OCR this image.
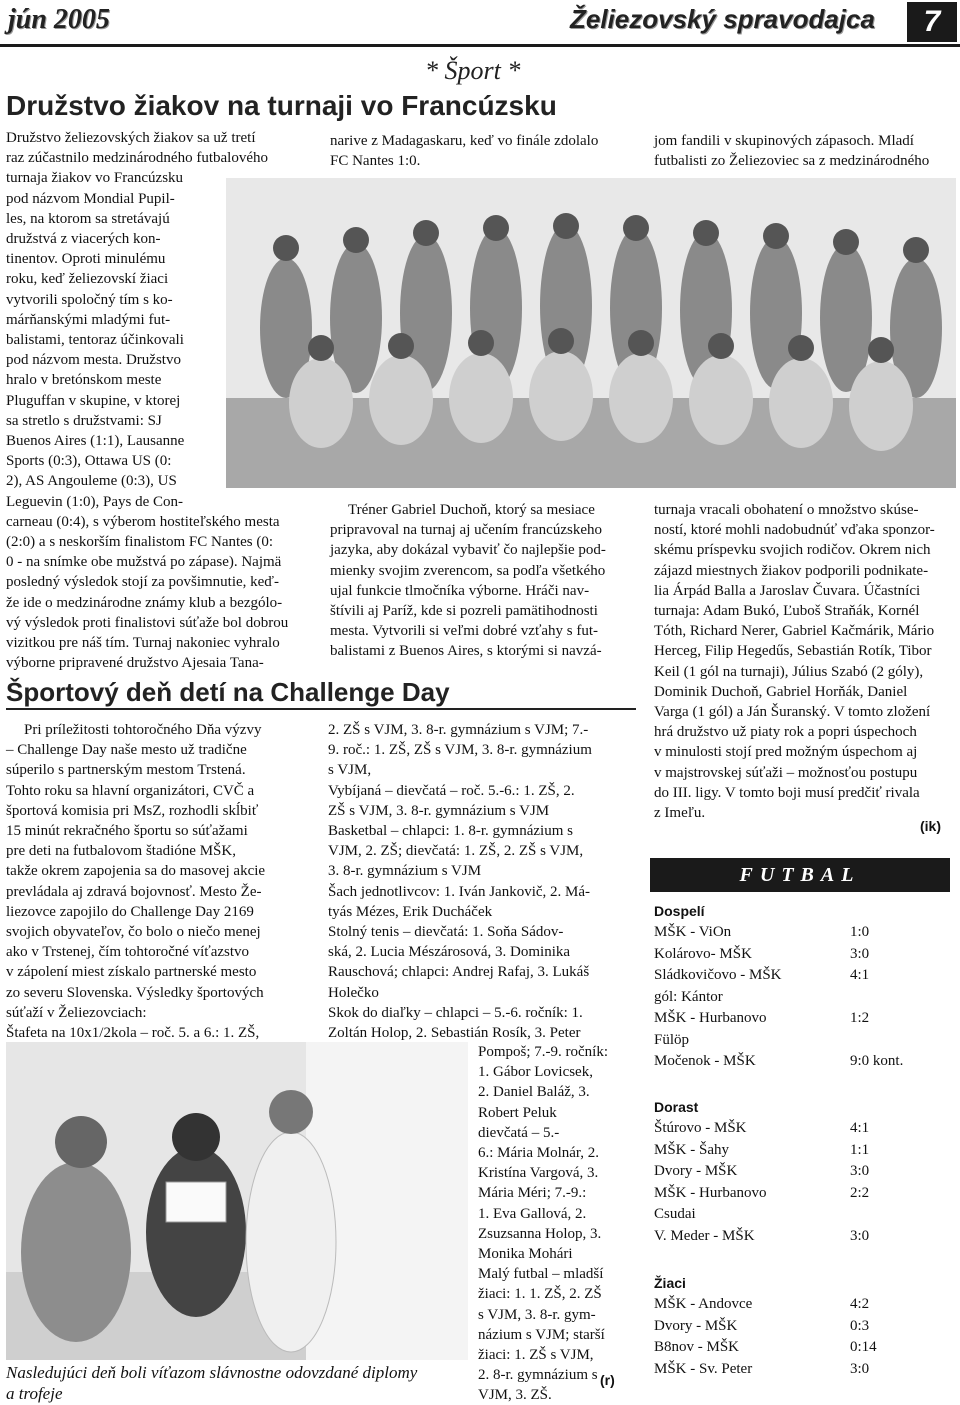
jún 2005	Želiezovský spravodajca	7
* Šport *
Družstvo žiakov na turnaji vo Francúzsku
Družstvo želiezovských žiakov sa už tretí
raz zúčastnilo medzinárodného futbalového
turnaja žiakov vo Francúzsku
pod názvom Mondial Pupil-
les, na ktorom sa stretávajú
družstvá z viacerých kon-
tinentov. Oproti minulému
roku, keď želiezovskí žiaci
vytvorili spoločný tím s ko-
márňanskými mladými fut-
balistami, tentoraz účinkovali
pod názvom mesta. Družstvo
hralo v bretónskom meste
Pluguffan v skupine, v ktorej
sa stretlo s družstvami: SJ
Buenos Aires (1:1), Lausanne
Sports (0:3), Ottawa US (0:
2), AS Angouleme (0:3), US
Leguevin (1:0), Pays de Con-
carneau (0:4), s výberom hostiteľského mesta
(2:0) a s neskorším finalistom FC Nantes (0:
0 - na snímke obe mužstvá po zápase). Najmä
posledný výsledok stojí za povšimnutie, keď-
že ide o medzinárodne známy klub a bezgólo-
vý výsledok proti finalistovi súťaže bol dobrou
vizitkou pre náš tím. Turnaj nakoniec vyhralo
výborne pripravené družstvo Ajesaia Tana-
narive z Madagaskaru, keď vo finále zdolalo
FC Nantes 1:0.
jom fandili v skupinových zápasoch. Mladí
futbalisti zo Želiezoviec sa z medzinárodného
Tréner Gabriel Duchoň, ktorý sa mesiace
pripravoval na turnaj aj učením francúzskeho
jazyka, aby dokázal vybaviť čo najlepšie pod-
mienky svojim zverencom, sa podľa všetkého
ujal funkcie tlmočníka výborne. Hráči nav-
štívili aj Paríž, kde si pozreli pamätihodnosti
mesta. Vytvorili si veľmi dobré vzťahy s fut-
balistami z Buenos Aires, s ktorými si navzá-
turnaja vracali obohatení o množstvo skúse-
ností, ktoré mohli nadobudnúť vďaka sponzor-
skému príspevku svojich rodičov. Okrem nich
zájazd miestnych žiakov podporili podnikate-
lia Árpád Balla a Jaroslav Čuvara. Účastníci
turnaja: Adam Bukó, Ľuboš Straňák, Kornél
Tóth, Richard Nerer, Gabriel Kačmárik, Mário
Herceg, Filip Hegedűs, Sebastián Rotík, Tibor
Keil (1 gól na turnaji), Július Szabó (2 góly),
Dominik Duchoň, Gabriel Horňák, Daniel
Varga (1 gól) a Ján Šuranský. V tomto zložení
hrá družstvo už piaty rok a popri úspechoch
v minulosti stojí pred možným úspechom aj
v majstrovskej súťaži – možnosťou postupu
do III. ligy. V tomto boji musí predčiť rivala
z Imeľu.
(ik)
Športový deň detí na Challenge Day
Pri príležitosti tohtoročného Dňa výzvy
– Challenge Day naše mesto už tradične
súperilo s partnerským mestom Trstená.
Tohto roku sa hlavní organizátori, CVČ a
športová komisia pri MsZ, rozhodli skĺbiť
15 minút rekračného športu so súťažami
pre deti na futbalovom štadióne MŠK,
takže okrem zapojenia sa do masovej akcie
prevládala aj zdravá bojovnosť. Mesto Že-
liezovce zapojilo do Challenge Day 2169
svojich obyvateľov, čo bolo o niečo menej
ako v Trstenej, čím tohtoročné víťazstvo
v zápolení miest získalo partnerské mesto
zo severu Slovenska. Výsledky športových
súťaží v Želiezovciach:
Štafeta na 10x1/2kola – roč. 5. a 6.: 1. ZŠ,
2. ZŠ s VJM, 3. 8-r. gymnázium s VJM; 7.-
9. roč.: 1. ZŠ, ZŠ s VJM, 3. 8-r. gymnázium
s VJM,
Vybíjaná – dievčatá – roč. 5.-6.: 1. ZŠ, 2.
ZŠ s VJM, 3. 8-r. gymnázium s VJM
Basketbal – chlapci: 1. 8-r. gymnázium s
VJM, 2. ZŠ; dievčatá: 1. ZŠ, 2. ZŠ s VJM,
3. 8-r. gymnázium s VJM
Šach jednotlivcov: 1. Iván Jankovič, 2. Má-
tyás Mézes, Erik Ducháček
Stolný tenis – dievčatá: 1. Soňa Sádov-
ská, 2. Lucia Mészárosová, 3. Dominika
Rauschová; chlapci: Andrej Rafaj, 3. Lukáš
Holečko
Skok do diaľky – chlapci – 5.-6. ročník: 1.
Zoltán Holop, 2. Sebastián Rosík, 3. Peter
Pompoš; 7.-9. ročník:
1. Gábor Lovicsek,
2. Daniel Baláž, 3.
Robert Peluk
dievčatá – 5.-
6.: Mária Molnár, 2.
Kristína Vargová, 3.
Mária Méri; 7.-9.:
1. Eva Gallová, 2.
Zsuzsanna Holop, 3.
Monika Mohári
Malý futbal – mladší
žiaci: 1. 1. ZŠ, 2. ZŠ
s VJM, 3. 8-r. gym-
názium s VJM; starší
žiaci: 1. ZŠ s VJM,
2. 8-r. gymnázium s
VJM, 3. ZŠ.
(r)
Nasledujúci deň boli víťazom slávnostne odovzdané diplomy
a trofeje
FUTBAL
Dospelí
MŠK - ViOn	1:0
Kolárovo- MŠK	3:0
Sládkovičovo - MŠK	4:1
gól: Kántor
MŠK - Hurbanovo	1:2
Fülöp
Močenok - MŠK	9:0 kont.
Dorast
Štúrovo - MŠK	4:1
MŠK - Šahy	1:1
Dvory - MŠK	3:0
MŠK - Hurbanovo	2:2
Csudai
V. Meder - MŠK	3:0
Žiaci
MŠK - Andovce	4:2
Dvory - MŠK	0:3
B8nov - MŠK	0:14
MŠK - Sv. Peter	3:0
